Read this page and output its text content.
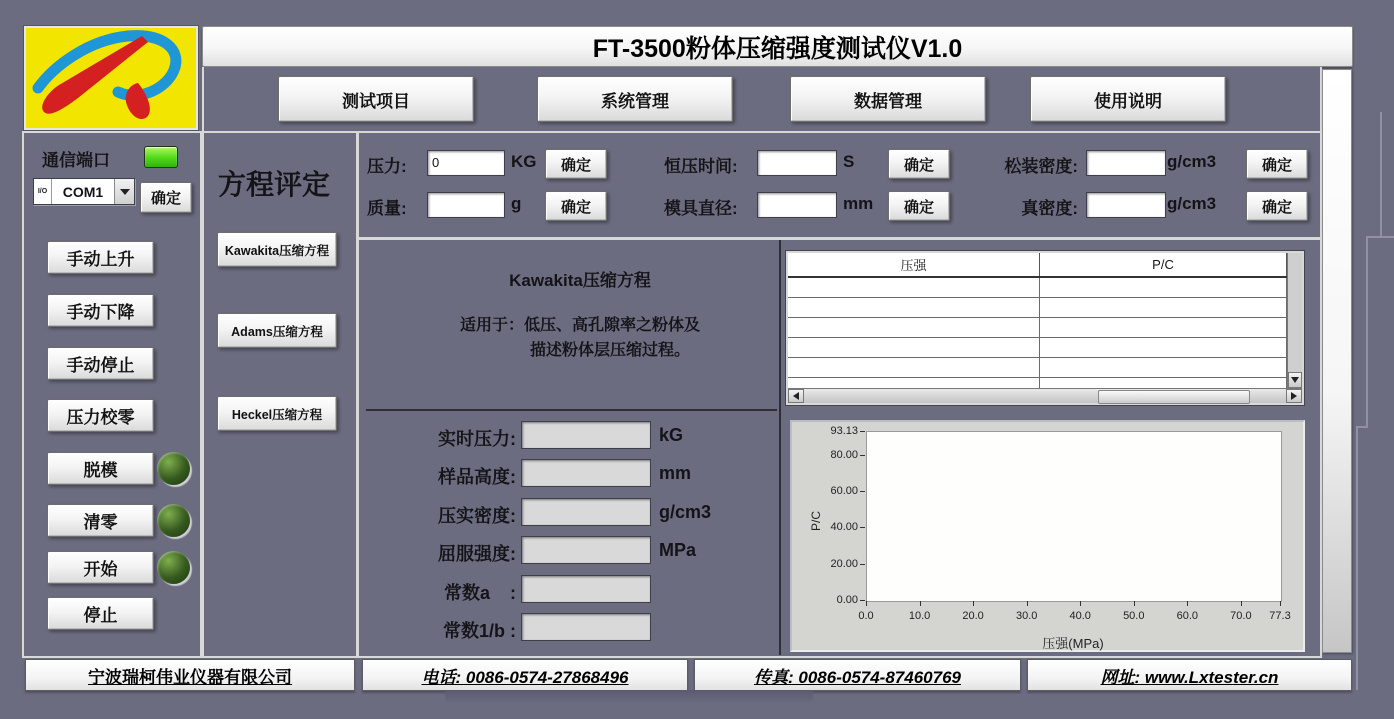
FT-3500粉体压缩强度测试仪V1.0
测试项目	系统管理	数据管理	使用说明
通信端口
I/O	COM1	确定
手动上升
手动下降
手动停止
压力校零
脱模
清零
开始
停止
方程评定
Kawakita压缩方程
Adams压缩方程
Heckel压缩方程
压力:	0	KG	确定
质量:	g	确定
恒压时间:	S	确定
模具直径:	mm	确定
松装密度:	g/cm3	确定
真密度:	g/cm3	确定
Kawakita压缩方程
适用于：低压、高孔隙率之粉体及
描述粉体层压缩过程。
实时压力:	kG
样品高度:	mm
压实密度:	g/cm3
屈服强度:	MPa
常数a    :
常数1/b :
压强	P/C
0.00
20.00
40.00
60.00
80.00
93.13
0.0	10.0	20.0	30.0	40.0	50.0	60.0	70.0	77.3
P/C
压强(MPa)
宁波瑞柯伟业仪器有限公司	电话: 0086-0574-27868496	传真: 0086-0574-87460769	网址: www.Lxtester.cn
